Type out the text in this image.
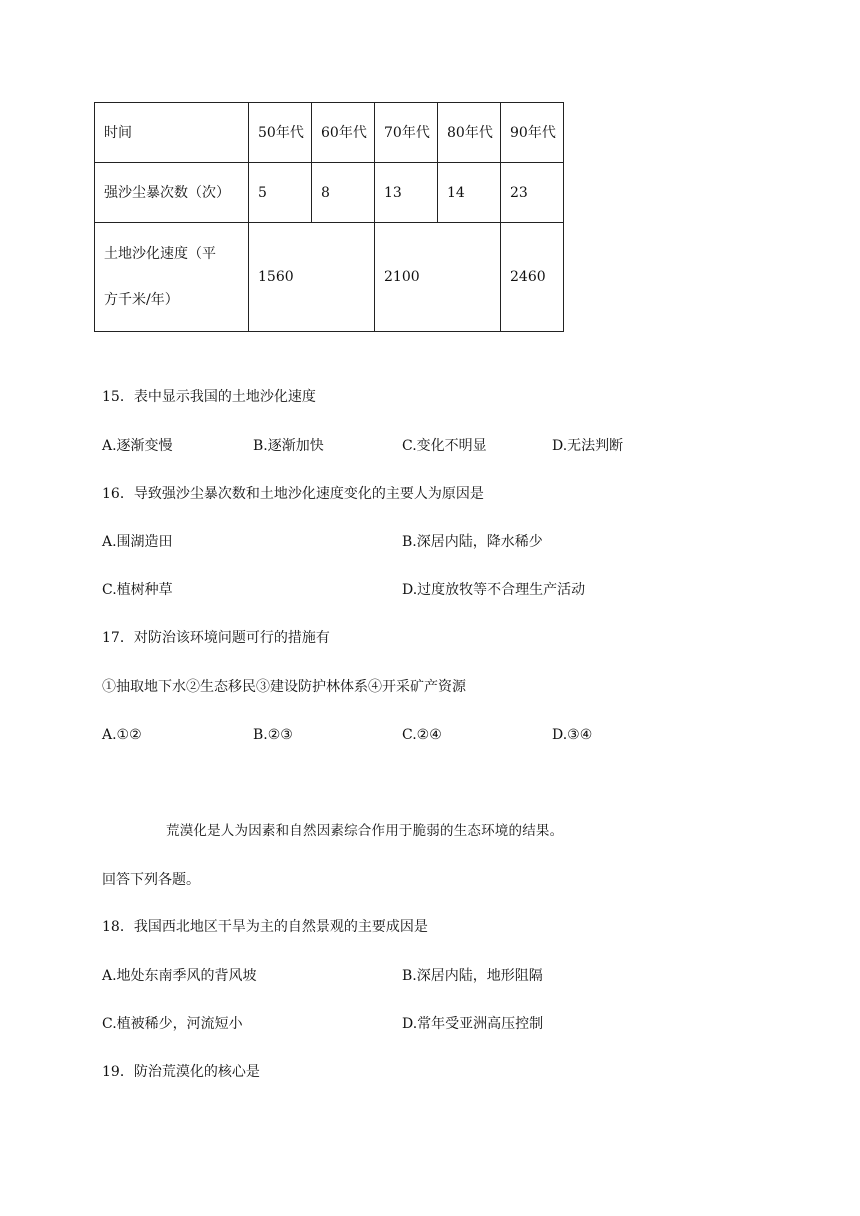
时间	50年代	60年代	70年代	80年代	90年代
强沙尘暴次数（次）	5	8	13	14	23
土地沙化速度（平
方千米/年）	1560		2100		2460
15．表中显示我国的土地沙化速度
A.逐渐变慢	B.逐渐加快	C.变化不明显	D.无法判断
16．导致强沙尘暴次数和土地沙化速度变化的主要人为原因是
A.围湖造田	B.深居内陆，降水稀少
C.植树种草	D.过度放牧等不合理生产活动
17．对防治该环境问题可行的措施有
①抽取地下水②生态移民③建设防护林体系④开采矿产资源
A.①②	B.②③	C.②④	D.③④
荒漠化是人为因素和自然因素综合作用于脆弱的生态环境的结果。
回答下列各题。
18．我国西北地区干旱为主的自然景观的主要成因是
A.地处东南季风的背风坡	B.深居内陆，地形阻隔
C.植被稀少，河流短小	D.常年受亚洲高压控制
19．防治荒漠化的核心是
